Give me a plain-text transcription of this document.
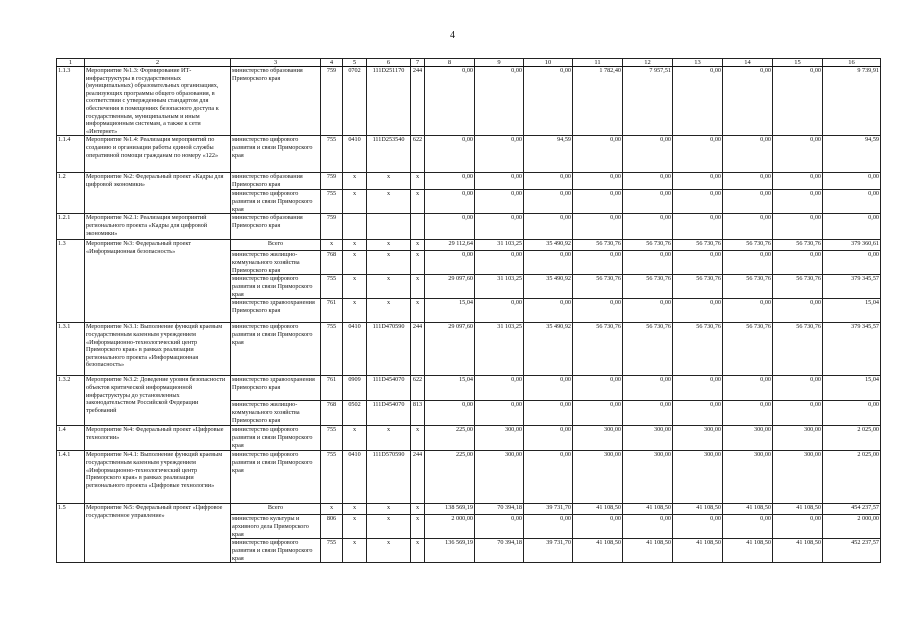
4
1	2	3	4	5	6	7	8	9	10	11	12	13	14	15	16
1.1.3	Мероприятие №1.3: Формирование ИТ-инфраструктуры в государственных (муниципальных) образовательных организациях, реализующих программы общего образования, в соответствии с утвержденным стандартом для обеспечения в помещениях безопасного доступа к государственным, муниципальным и иным информационным системам, а также к сети «Интернет»	министерство образования Приморского края	759	0702	111D251170	244	0,00	0,00	0,00	1 782,40	7 957,51	0,00	0,00	0,00	9 739,91
1.1.4	Мероприятие №1.4: Реализация мероприятий по созданию и организации работы единой службы оперативной помощи гражданам по номеру «122»	министерство цифрового развития и связи Приморского края	755	0410	111D253540	622	0,00	0,00	94,59	0,00	0,00	0,00	0,00	0,00	94,59
1.2	Мероприятие №2: Федеральный проект «Кадры для цифровой экономики»	министерство образования Приморского края	759	x	x	x	0,00	0,00	0,00	0,00	0,00	0,00	0,00	0,00	0,00
		министерство цифрового развития и связи Приморского края	755	x	x	x	0,00	0,00	0,00	0,00	0,00	0,00	0,00	0,00	0,00
1.2.1	Мероприятие №2.1: Реализация мероприятий регионального проекта «Кадры для цифровой экономики»	министерство образования Приморского края	759				0,00	0,00	0,00	0,00	0,00	0,00	0,00	0,00	0,00
1.3	Мероприятие №3: Федеральный проект «Информационная безопасность»	Всего	x	x	x	x	29 112,64	31 103,25	35 490,92	56 730,76	56 730,76	56 730,76	56 730,76	56 730,76	379 360,61
		министерство жилищно-коммунального хозяйства Приморского края	768	x	x	x	0,00	0,00	0,00	0,00	0,00	0,00	0,00	0,00	0,00
		министерство цифрового развития и связи Приморского края	755	x	x	x	29 097,60	31 103,25	35 490,92	56 730,76	56 730,76	56 730,76	56 730,76	56 730,76	379 345,57
		министерство здравоохранения Приморского края	761	x	x	x	15,04	0,00	0,00	0,00	0,00	0,00	0,00	0,00	15,04
1.3.1	Мероприятие №3.1: Выполнение функций краевым государственным казенным учреждением «Информационно-технологический центр Приморского края» в рамках реализации регионального проекта «Информационная безопасность»	министерство цифрового развития и связи Приморского края	755	0410	111D470590	244	29 097,60	31 103,25	35 490,92	56 730,76	56 730,76	56 730,76	56 730,76	56 730,76	379 345,57
1.3.2	Мероприятие №3.2: Доведение уровня безопасности объектов критической информационной инфраструктуры до установленных законодательством Российской Федерации требований	министерство здравоохранения Приморского края	761	0909	111D454070	622	15,04	0,00	0,00	0,00	0,00	0,00	0,00	0,00	15,04
		министерство жилищно-коммунального хозяйства Приморского края	768	0502	111D454070	813	0,00	0,00	0,00	0,00	0,00	0,00	0,00	0,00	0,00
1.4	Мероприятие №4: Федеральный проект «Цифровые технологии»	министерство цифрового развития и связи Приморского края	755	x	x	x	225,00	300,00	0,00	300,00	300,00	300,00	300,00	300,00	2 025,00
1.4.1	Мероприятие №4.1: Выполнение функций краевым государственным казенным учреждением «Информационно-технологический центр Приморского края» в рамках реализации регионального проекта «Цифровые технологии»	министерство цифрового развития и связи Приморского края	755	0410	111D570590	244	225,00	300,00	0,00	300,00	300,00	300,00	300,00	300,00	2 025,00
1.5	Мероприятие №5: Федеральный проект «Цифровое государственное управление»	Всего	x	x	x	x	138 569,19	70 394,18	39 731,70	41 108,50	41 108,50	41 108,50	41 108,50	41 108,50	454 237,57
		министерство культуры и архивного дела Приморского края	806	x	x	x	2 000,00	0,00	0,00	0,00	0,00	0,00	0,00	0,00	2 000,00
		министерство цифрового развития и связи Приморского края	755	x	x	x	136 569,19	70 394,18	39 731,70	41 108,50	41 108,50	41 108,50	41 108,50	41 108,50	452 237,57
